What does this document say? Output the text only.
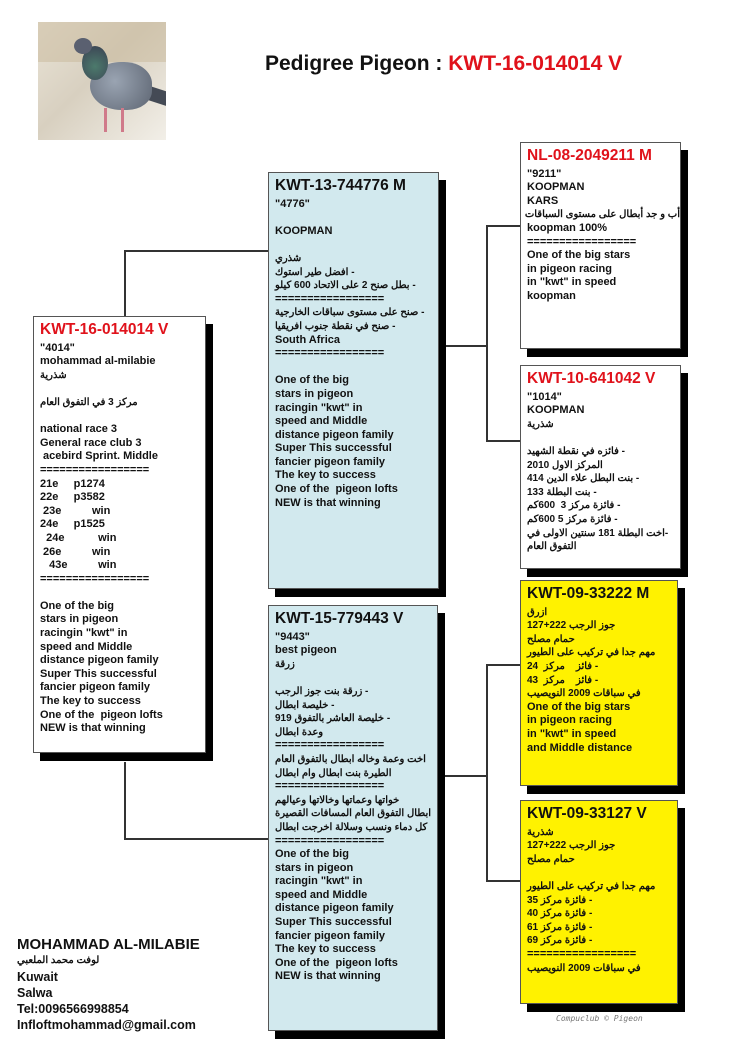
Pedigree Pigeon : KWT-16-014014 V
KWT-16-014014 V
"4014"
mohammad al-milabie
شذرية
مركز 3 في التفوق العام
national race 3
General race club 3
acebird Sprint. Middle
=================
21e     p1274
22e     p3582
23e          win
24e     p1525
24e           win
26e          win
43e          win
=================
One of the big
stars in pigeon
racingin "kwt" in
speed and Middle
distance pigeon family
Super This successful
fancier pigeon family
The key to success
One of the  pigeon lofts
NEW is that winning
KWT-13-744776 M
"4776"
KOOPMAN
شذري
- افضل طير استوك
- بطل صنح 2 على الاتحاد 600 كيلو
=================
- صنح على مستوى سباقات الخارجية
- صنح في نقطة جنوب افريقيا
South Africa
=================
One of the big
stars in pigeon
racingin "kwt" in
speed and Middle
distance pigeon family
Super This successful
fancier pigeon family
The key to success
One of the  pigeon lofts
NEW is that winning
KWT-15-779443 V
"9443"
best pigeon
زرقة
- زرقة بنت جوز الرجب
- خليصة ابطال
- خليصة العاشر بالتفوق 919
وعدة ابطال
=================
اخت وعمة وخاله ابطال بالتفوق العام
الطيرة بنت ابطال وام ابطال
=================
خواتها وعماتها وخالاتها وعيالهم
ابطال التفوق العام المسافات القصيرة
كل دماء ونسب وسلالة اخرجت ابطال
=================
One of the big
stars in pigeon
racingin "kwt" in
speed and Middle
distance pigeon family
Super This successful
fancier pigeon family
The key to success
One of the  pigeon lofts
NEW is that winning
NL-08-2049211 M
"9211"
KOOPMAN
KARS
أب و جد أبطال على مستوى السباقات
koopman 100%
=================
One of the big stars
in pigeon racing
in "kwt" in speed
koopman
KWT-10-641042 V
"1014"
KOOPMAN
شذرية
- فائزه في نقطة الشهيد
المركز الاول 2010
- بنت البطل علاء الدين 414
- بنت البطلة 133
- فائزة مركز 3  600كم
- فائزة مركز 5 600كم
-اخت البطلة 181 سنتين الاولى في
التفوق العام
KWT-09-33222 M
ازرق
جوز الرجب 222+127
حمام مصلح
مهم جدا في تركيب على الطيور
- فائز    مركز  24
- فائز    مركز  43
في سباقات 2009 النويصيب
One of the big stars
in pigeon racing
in "kwt" in speed
and Middle distance
KWT-09-33127 V
شذرية
جوز الرجب 222+127
حمام مصلح
مهم جدا في تركيب على الطيور
- فائزة مركز 35
- فائزة مركز 40
- فائزة مركز 61
- فائزة مركز 69
=================
في سباقات 2009 النويصيب
MOHAMMAD AL-MILABIE
لوفت محمد الملعبي
Kuwait
Salwa
Tel:0096566998854
Infloftmohammad@gmail.com	Compuclub © Pigeon
